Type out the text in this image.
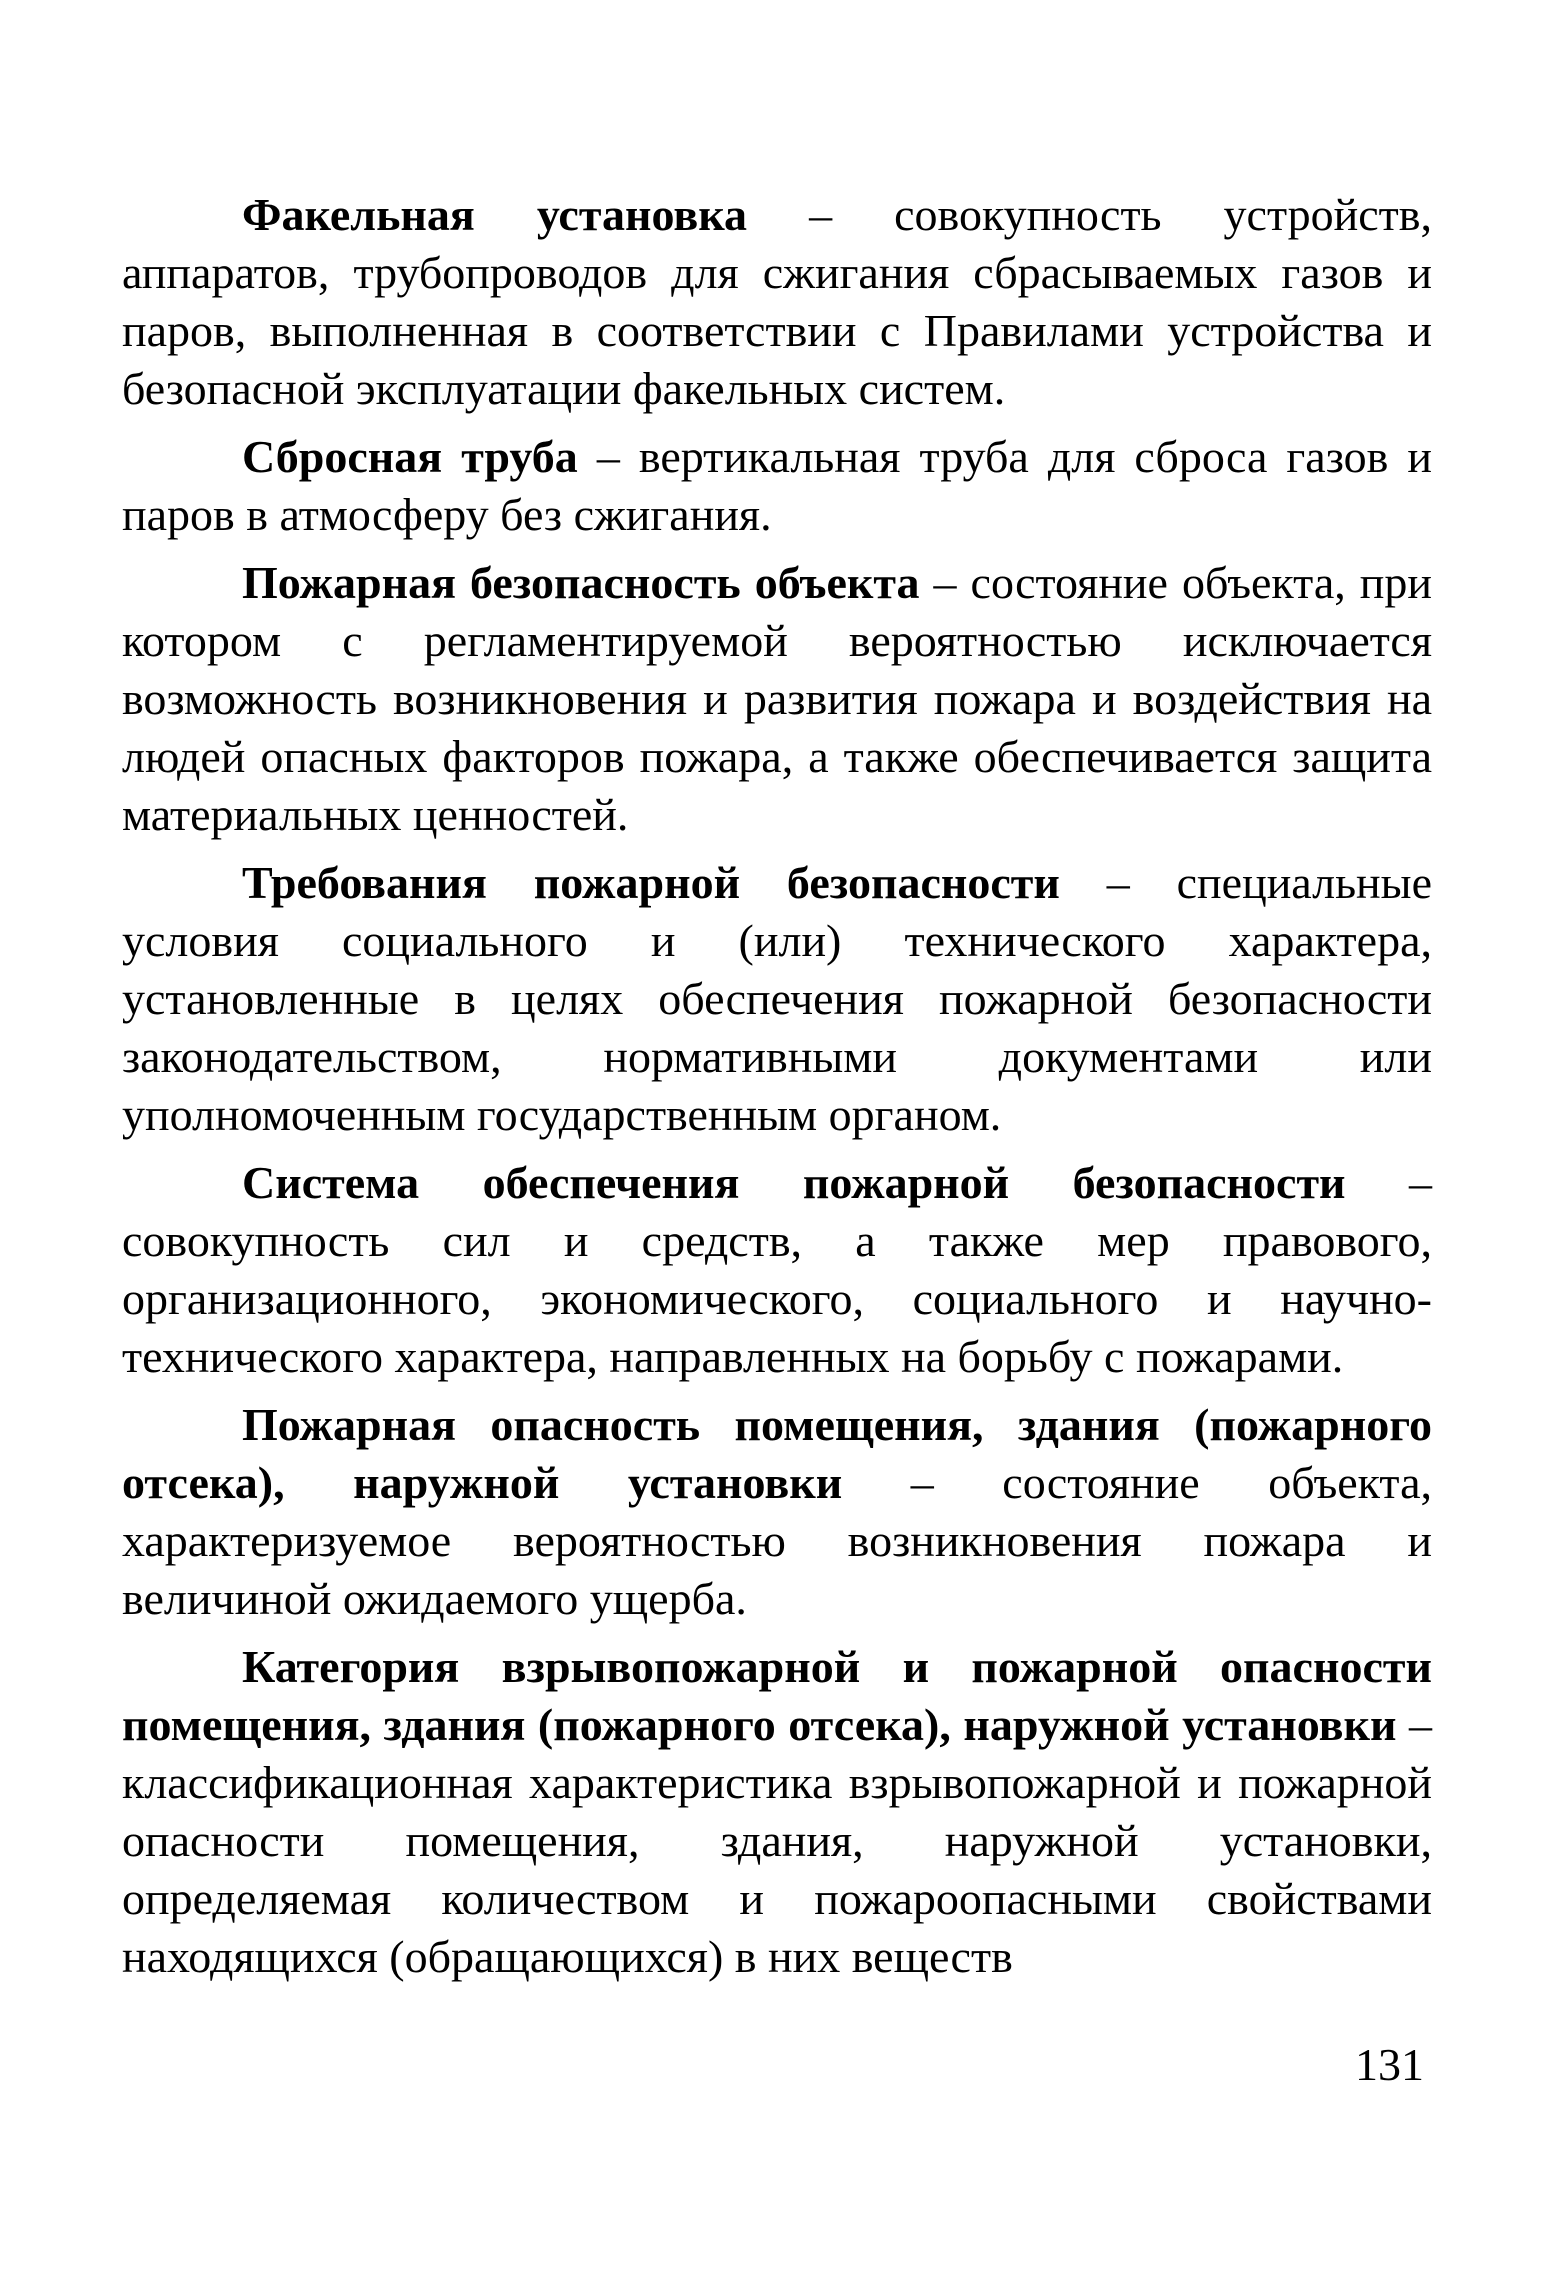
Факельная установка – совокупность устройств, аппаратов, трубопроводов для сжигания сбрасываемых газов и паров, выполненная в соответствии с Правилами устройства и безопасной эксплуатации факельных систем.

Сбросная труба – вертикальная труба для сброса газов и паров в атмосферу без сжигания.

Пожарная безопасность объекта – состояние объекта, при котором с регламентируемой вероятностью исключается возможность возникновения и развития пожара и воздействия на людей опасных факторов пожара, а также обеспечивается защита материальных ценностей.

Требования пожарной безопасности – специальные условия социального и (или) технического характера, установленные в целях обеспечения пожарной безопасности законодательством, нормативными документами или уполномоченным государственным органом.

Система обеспечения пожарной безопасности – совокупность сил и средств, а также мер правового, организационного, экономического, социального и научно-технического характера, направленных на борьбу с пожарами.

Пожарная опасность помещения, здания (пожарного отсека), наружной установки – состояние объекта, характеризуемое вероятностью возникновения пожара и величиной ожидаемого ущерба.

Категория взрывопожарной и пожарной опасности помещения, здания (пожарного отсека), наружной установки – классификационная характеристика взрывопожарной и пожарной опасности помещения, здания, наружной установки, определяемая количеством и пожароопасными свойствами находящихся (обращающихся) в них веществ

131
